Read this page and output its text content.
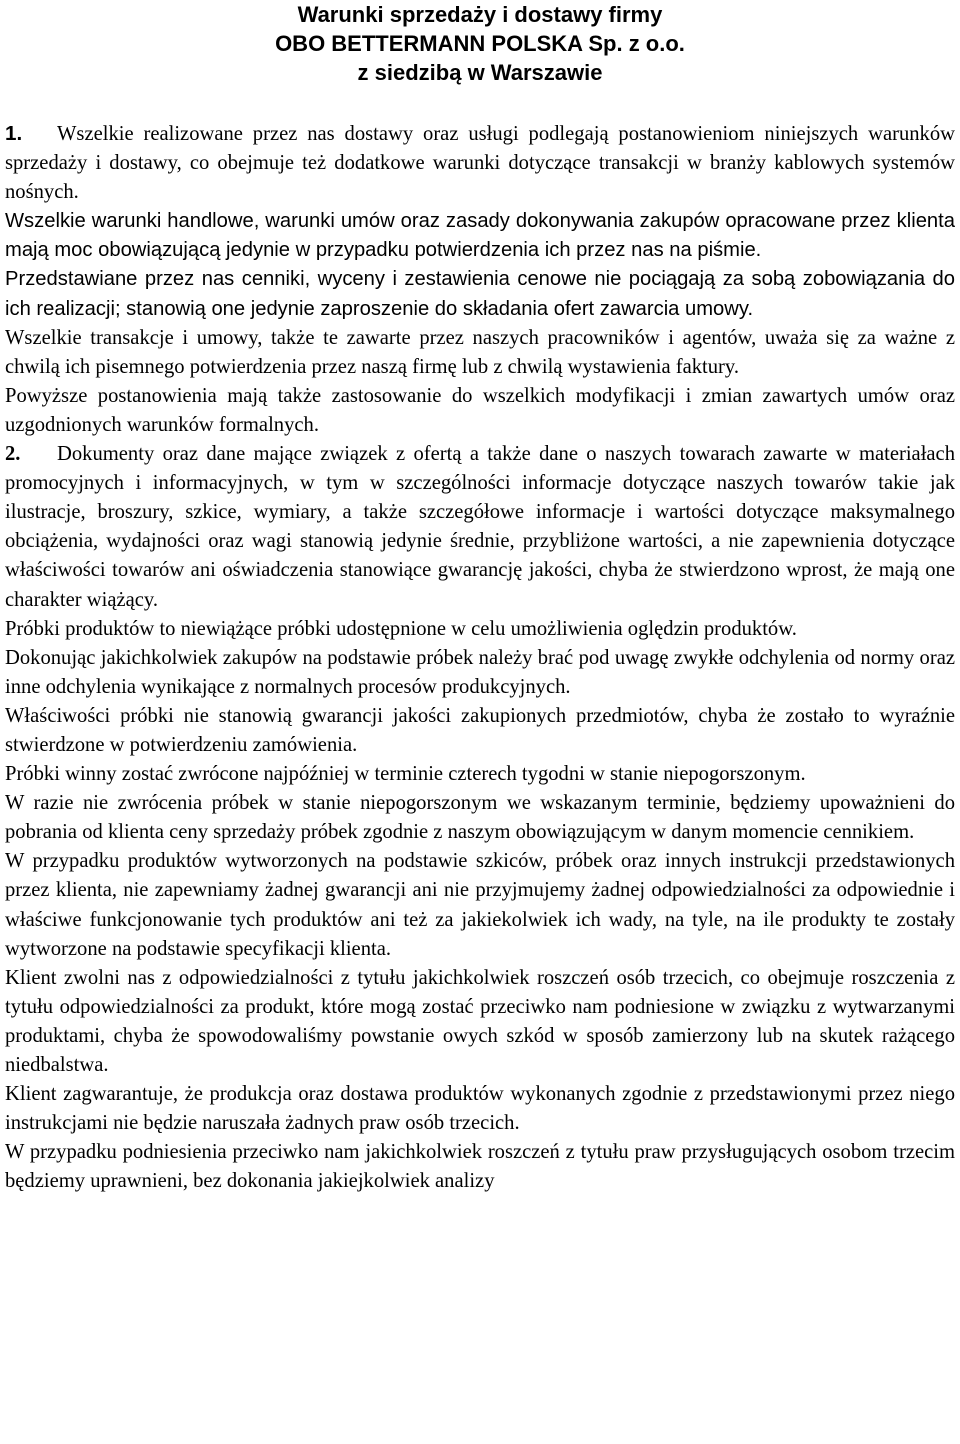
Warunki sprzedaży i dostawy firmy

OBO BETTERMANN POLSKA Sp. z o.o.

z siedzibą w Warszawie

1. Wszelkie realizowane przez nas dostawy oraz usługi podlegają postanowieniom niniejszych warunków sprzedaży i dostawy, co obejmuje też dodatkowe warunki dotyczące transakcji w branży kablowych systemów nośnych.

Wszelkie warunki handlowe, warunki umów oraz zasady dokonywania zakupów opracowane przez klienta mają moc obowiązującą jedynie w przypadku potwierdzenia ich przez nas na piśmie.

Przedstawiane przez nas cenniki, wyceny i zestawienia cenowe nie pociągają za sobą zobowiązania do ich realizacji; stanowią one jedynie zaproszenie do składania ofert zawarcia umowy.

Wszelkie transakcje i umowy, także te zawarte przez naszych pracowników i agentów, uważa się za ważne z chwilą ich pisemnego potwierdzenia przez naszą firmę lub z chwilą wystawienia faktury.

Powyższe postanowienia mają także zastosowanie do wszelkich modyfikacji i zmian zawartych umów oraz uzgodnionych warunków formalnych.

2. Dokumenty oraz dane mające związek z ofertą a także dane o naszych towarach zawarte w materiałach promocyjnych i informacyjnych, w tym w szczególności informacje dotyczące naszych towarów takie jak ilustracje, broszury, szkice, wymiary, a także szczegółowe informacje i wartości dotyczące maksymalnego obciążenia, wydajności oraz wagi stanowią jedynie średnie, przybliżone wartości, a nie zapewnienia dotyczące właściwości towarów ani oświadczenia stanowiące gwarancję jakości, chyba że stwierdzono wprost, że mają one charakter wiążący.

Próbki produktów to niewiążące próbki udostępnione w celu umożliwienia oględzin produktów.

Dokonując jakichkolwiek zakupów na podstawie próbek należy brać pod uwagę zwykłe odchylenia od normy oraz inne odchylenia wynikające z normalnych procesów produkcyjnych.

Właściwości próbki nie stanowią gwarancji jakości zakupionych przedmiotów, chyba że zostało to wyraźnie stwierdzone w potwierdzeniu zamówienia.

Próbki winny zostać zwrócone najpóźniej w terminie czterech tygodni w stanie niepogorszonym.

W razie nie zwrócenia próbek w stanie niepogorszonym we wskazanym terminie, będziemy upoważnieni do pobrania od klienta ceny sprzedaży próbek zgodnie z naszym obowiązującym w danym momencie cennikiem.

W przypadku produktów wytworzonych na podstawie szkiców, próbek oraz innych instrukcji przedstawionych przez klienta, nie zapewniamy żadnej gwarancji ani nie przyjmujemy żadnej odpowiedzialności za odpowiednie i właściwe funkcjonowanie tych produktów ani też za jakiekolwiek ich wady, na tyle, na ile produkty te zostały wytworzone na podstawie specyfikacji klienta.

Klient zwolni nas z odpowiedzialności z tytułu jakichkolwiek roszczeń osób trzecich, co obejmuje roszczenia z tytułu odpowiedzialności za produkt, które mogą zostać przeciwko nam podniesione w związku z wytwarzanymi produktami, chyba że spowodowaliśmy powstanie owych szkód w sposób zamierzony lub na skutek rażącego niedbalstwa.

Klient zagwarantuje, że produkcja oraz dostawa produktów wykonanych zgodnie z przedstawionymi przez niego instrukcjami nie będzie naruszała żadnych praw osób trzecich.

W przypadku podniesienia przeciwko nam jakichkolwiek roszczeń z tytułu praw przysługujących osobom trzecim będziemy uprawnieni, bez dokonania jakiejkolwiek analizy
